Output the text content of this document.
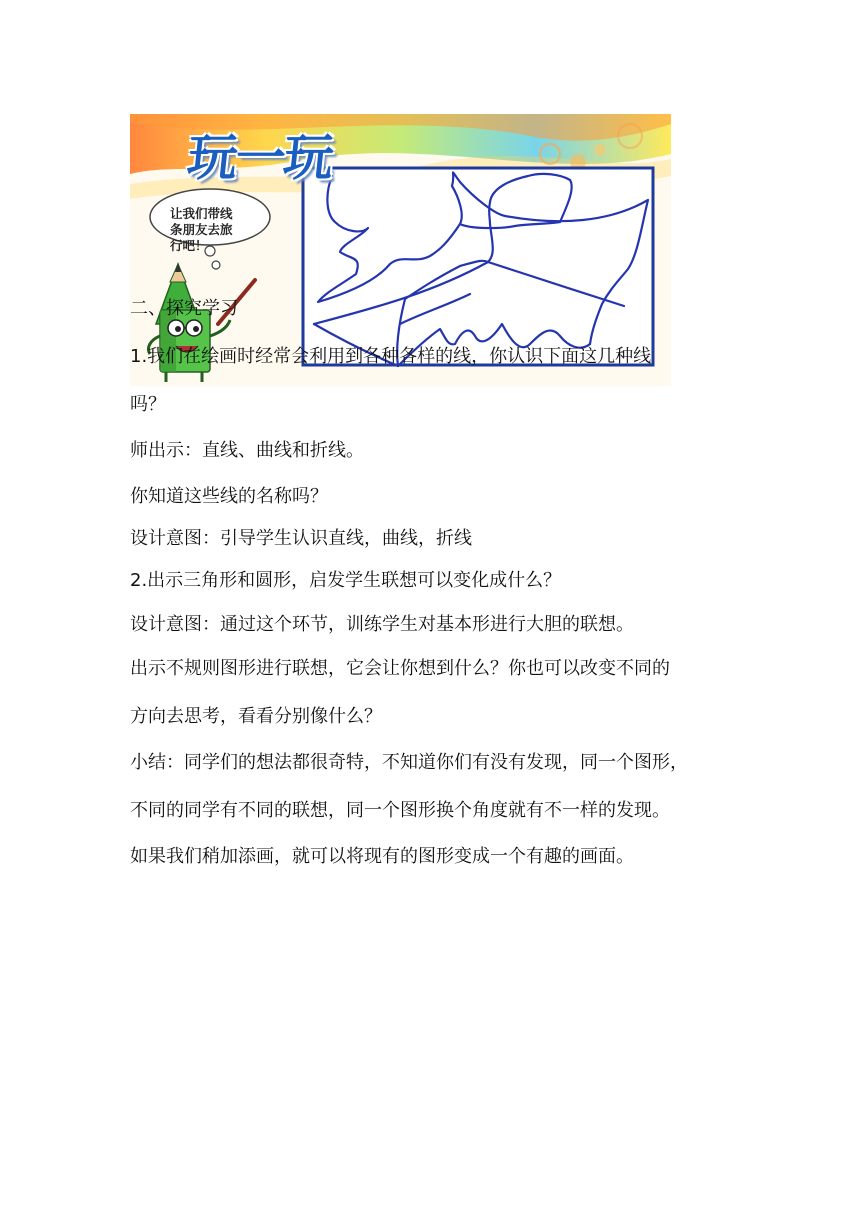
玩一玩
让我们带线
条朋友去旅
行吧！
二、探究学习
1.我们在绘画时经常会利用到各种各样的线，你认识下面这几种线
吗？
师出示：直线、曲线和折线。
你知道这些线的名称吗？
设计意图：引导学生认识直线，曲线，折线
2.出示三角形和圆形，启发学生联想可以变化成什么？
设计意图：通过这个环节，训练学生对基本形进行大胆的联想。
出示不规则图形进行联想，它会让你想到什么？你也可以改变不同的
方向去思考，看看分别像什么？
小结：同学们的想法都很奇特，不知道你们有没有发现，同一个图形，
不同的同学有不同的联想，同一个图形换个角度就有不一样的发现。
如果我们稍加添画，就可以将现有的图形变成一个有趣的画面。
